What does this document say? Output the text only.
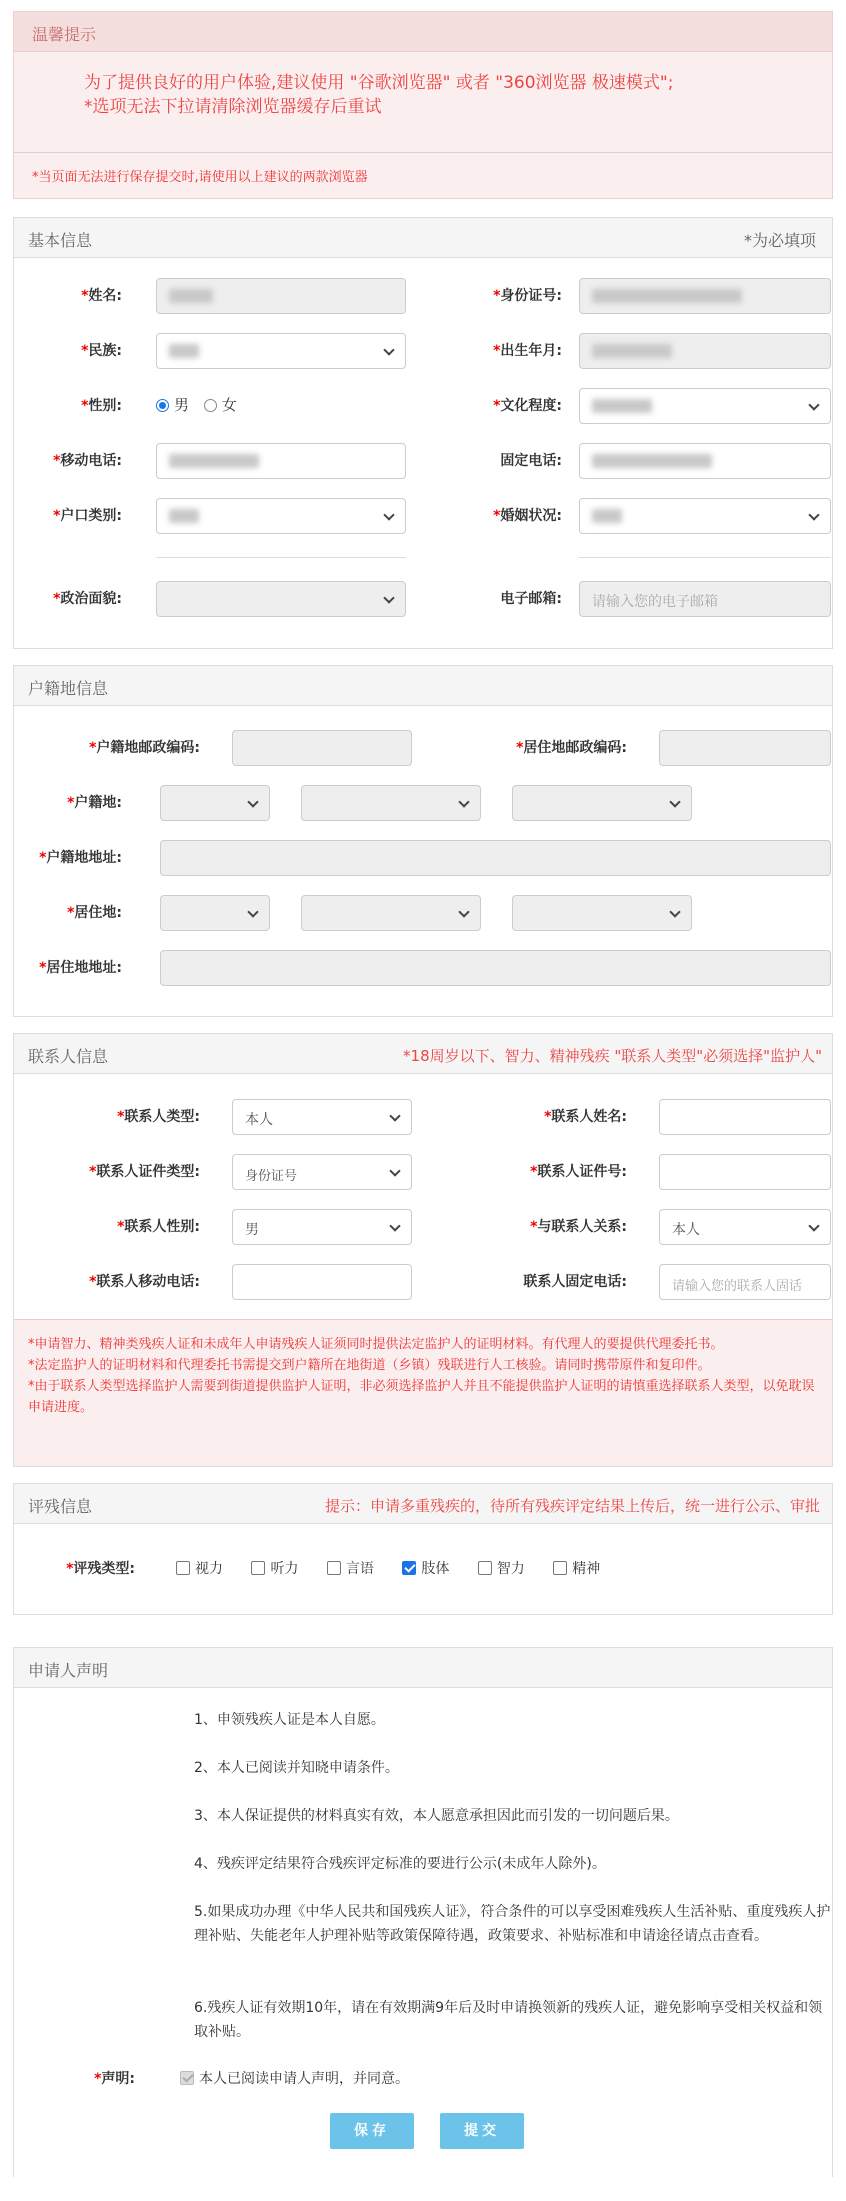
温馨提示
为了提供良好的用户体验,建议使用 "谷歌浏览器" 或者 "360浏览器 极速模式";
*选项无法下拉请清除浏览器缓存后重试
*当页面无法进行保存提交时,请使用以上建议的两款浏览器
基本信息	*为必填项
*姓名:	*身份证号:
*民族:	*出生年月:
*性别:	男 女	*文化程度:
*移动电话:	固定电话:
*户口类别:	*婚姻状况:
*政治面貌:	电子邮箱:	请输入您的电子邮箱
户籍地信息
*户籍地邮政编码:	*居住地邮政编码:
*户籍地:
*户籍地地址:
*居住地:
*居住地地址:
联系人信息	*18周岁以下、智力、精神残疾 "联系人类型"必须选择"监护人"
*联系人类型:	本人	*联系人姓名:
*联系人证件类型:	身份证号	*联系人证件号:
*联系人性别:	男	*与联系人关系:	本人
*联系人移动电话:	联系人固定电话:	请输入您的联系人固话
*申请智力、精神类残疾人证和未成年人申请残疾人证须同时提供法定监护人的证明材料。有代理人的要提供代理委托书。
*法定监护人的证明材料和代理委托书需提交到户籍所在地街道（乡镇）残联进行人工核验。请同时携带原件和复印件。
*由于联系人类型选择监护人需要到街道提供监护人证明，非必须选择监护人并且不能提供监护人证明的请慎重选择联系人类型，以免耽误申请进度。
评残信息	提示：申请多重残疾的，待所有残疾评定结果上传后，统一进行公示、审批
*评残类型:	视力	听力	言语	肢体	智力	精神
申请人声明
1、申领残疾人证是本人自愿。
2、本人已阅读并知晓申请条件。
3、本人保证提供的材料真实有效，本人愿意承担因此而引发的一切问题后果。
4、残疾评定结果符合残疾评定标准的要进行公示(未成年人除外)。
5.如果成功办理《中华人民共和国残疾人证》，符合条件的可以享受困难残疾人生活补贴、重度残疾人护理补贴、失能老年人护理补贴等政策保障待遇，政策要求、补贴标准和申请途径请点击查看。
6.残疾人证有效期10年，请在有效期满9年后及时申请换领新的残疾人证，避免影响享受相关权益和领取补贴。
*声明:	本人已阅读申请人声明，并同意。
保存	提交
